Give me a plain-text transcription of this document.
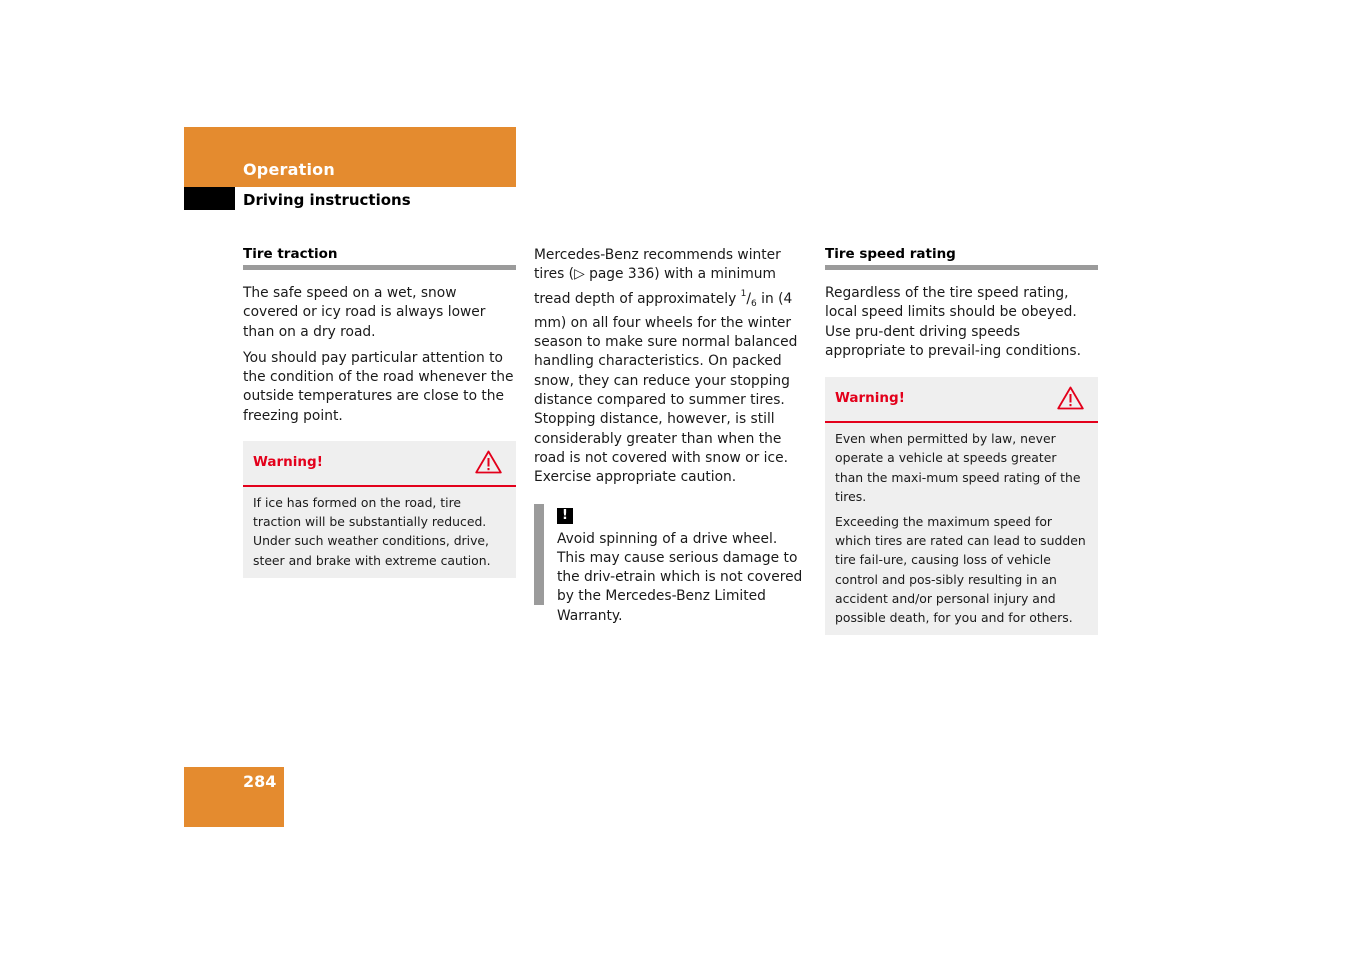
Operation
Driving instructions
Tire traction

The safe speed on a wet, snow covered or icy road is always lower than on a dry road.

You should pay particular attention to the condition of the road whenever the outside temperatures are close to the freezing point.

Warning!

If ice has formed on the road, tire traction will be substantially reduced. Under such weather conditions, drive, steer and brake with extreme caution.

Mercedes-Benz recommends winter tires (▷ page 336) with a minimum tread depth of approximately $^1/_6$ in (4 mm) on all four wheels for the winter season to make sure normal balanced handling characteristics. On packed snow, they can reduce your stopping distance compared to summer tires. Stopping distance, however, is still considerably greater than when the road is not covered with snow or ice. Exercise appropriate caution.

!

Avoid spinning of a drive wheel. This may cause serious damage to the driv-etrain which is not covered by the Mercedes-Benz Limited Warranty.

Tire speed rating

Regardless of the tire speed rating, local speed limits should be obeyed. Use pru-dent driving speeds appropriate to prevail-ing conditions.

Warning!

Even when permitted by law, never operate a vehicle at speeds greater than the maxi-mum speed rating of the tires.

Exceeding the maximum speed for which tires are rated can lead to sudden tire fail-ure, causing loss of vehicle control and pos-sibly resulting in an accident and/or personal injury and possible death, for you and for others.

284
